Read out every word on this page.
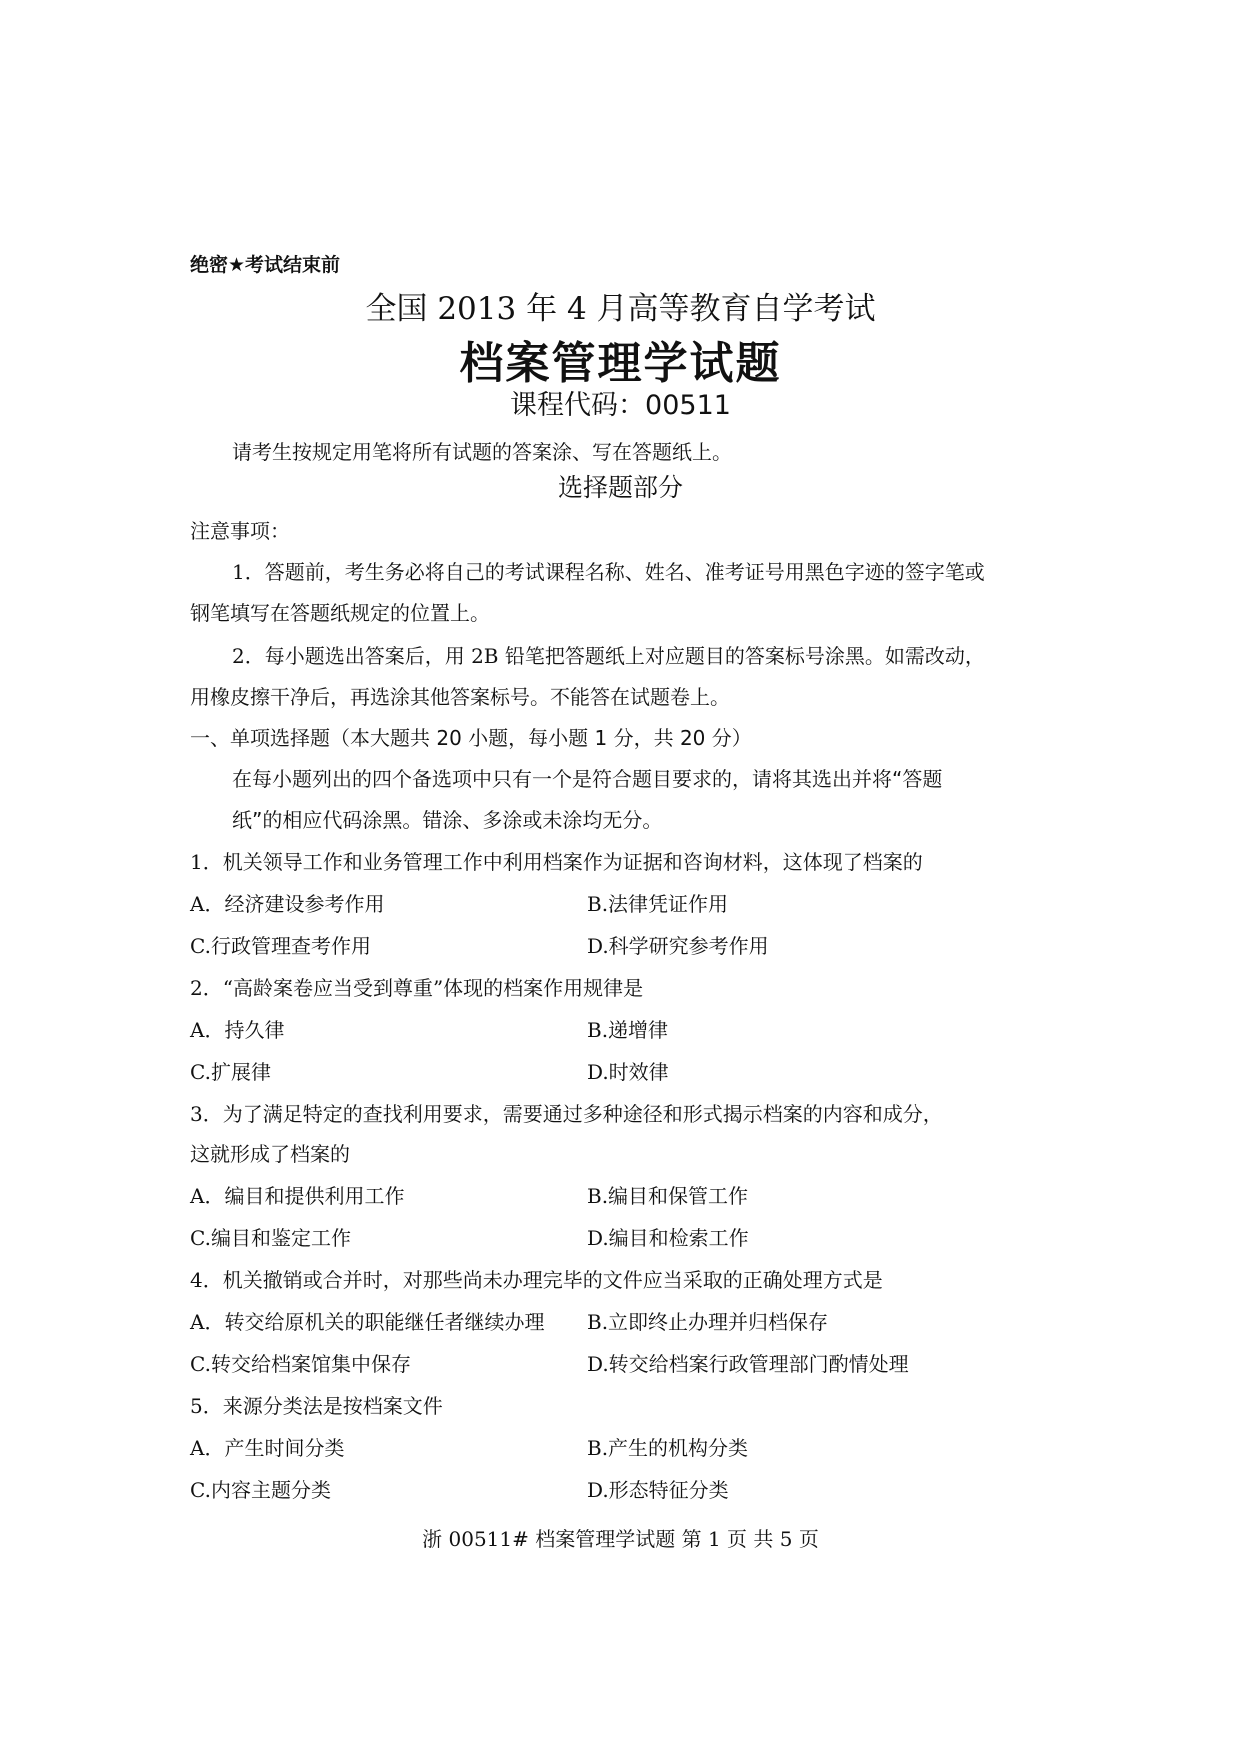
绝密★考试结束前
全国 2013 年 4 月高等教育自学考试
档案管理学试题
课程代码：00511
请考生按规定用笔将所有试题的答案涂、写在答题纸上。
选择题部分
注意事项：
1．答题前，考生务必将自己的考试课程名称、姓名、准考证号用黑色字迹的签字笔或
钢笔填写在答题纸规定的位置上。
2．每小题选出答案后，用 2B 铅笔把答题纸上对应题目的答案标号涂黑。如需改动，
用橡皮擦干净后，再选涂其他答案标号。不能答在试题卷上。
一、单项选择题（本大题共 20 小题，每小题 1 分，共 20 分）
在每小题列出的四个备选项中只有一个是符合题目要求的，请将其选出并将“答题
纸”的相应代码涂黑。错涂、多涂或未涂均无分。
1．机关领导工作和业务管理工作中利用档案作为证据和咨询材料，这体现了档案的
A．经济建设参考作用	B.法律凭证作用
C.行政管理查考作用	D.科学研究参考作用
2．“高龄案卷应当受到尊重”体现的档案作用规律是
A．持久律	B.递增律
C.扩展律	D.时效律
3．为了满足特定的查找利用要求，需要通过多种途径和形式揭示档案的内容和成分，
这就形成了档案的
A．编目和提供利用工作	B.编目和保管工作
C.编目和鉴定工作	D.编目和检索工作
4．机关撤销或合并时，对那些尚未办理完毕的文件应当采取的正确处理方式是
A．转交给原机关的职能继任者继续办理 B.立即终止办理并归档保存
C.转交给档案馆集中保存	D.转交给档案行政管理部门酌情处理
5．来源分类法是按档案文件
A．产生时间分类	B.产生的机构分类
C.内容主题分类	D.形态特征分类
浙 00511# 档案管理学试题 第 1 页 共 5 页
